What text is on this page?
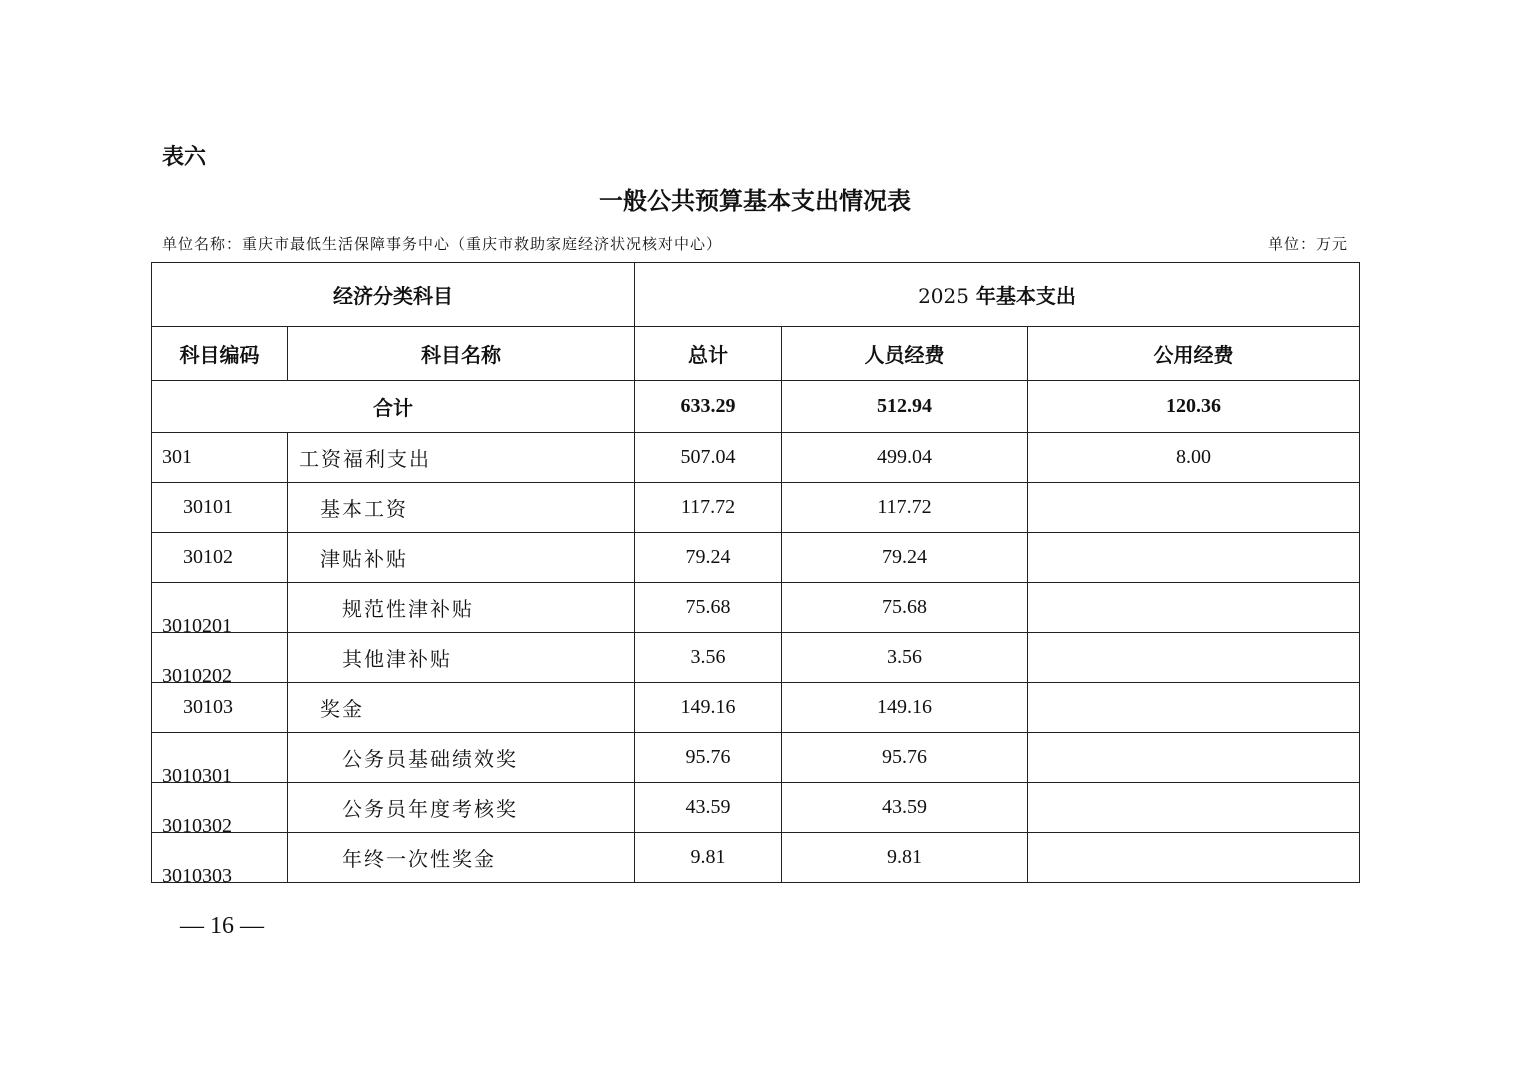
表六
一般公共预算基本支出情况表
单位名称：重庆市最低生活保障事务中心（重庆市救助家庭经济状况核对中心）	单位：万元
经济分类科目		2025 年基本支出		
科目编码	科目名称	总计	人员经费	公用经费
合计		633.29	512.94	120.36
301	工资福利支出	507.04	499.04	8.00
30101	基本工资	117.72	117.72	
30102	津贴补贴	79.24	79.24	
3010201	规范性津补贴	75.68	75.68	
3010202	其他津补贴	3.56	3.56	
30103	奖金	149.16	149.16	
3010301	公务员基础绩效奖	95.76	95.76	
3010302	公务员年度考核奖	43.59	43.59	
3010303	年终一次性奖金	9.81	9.81	
— 16 —
